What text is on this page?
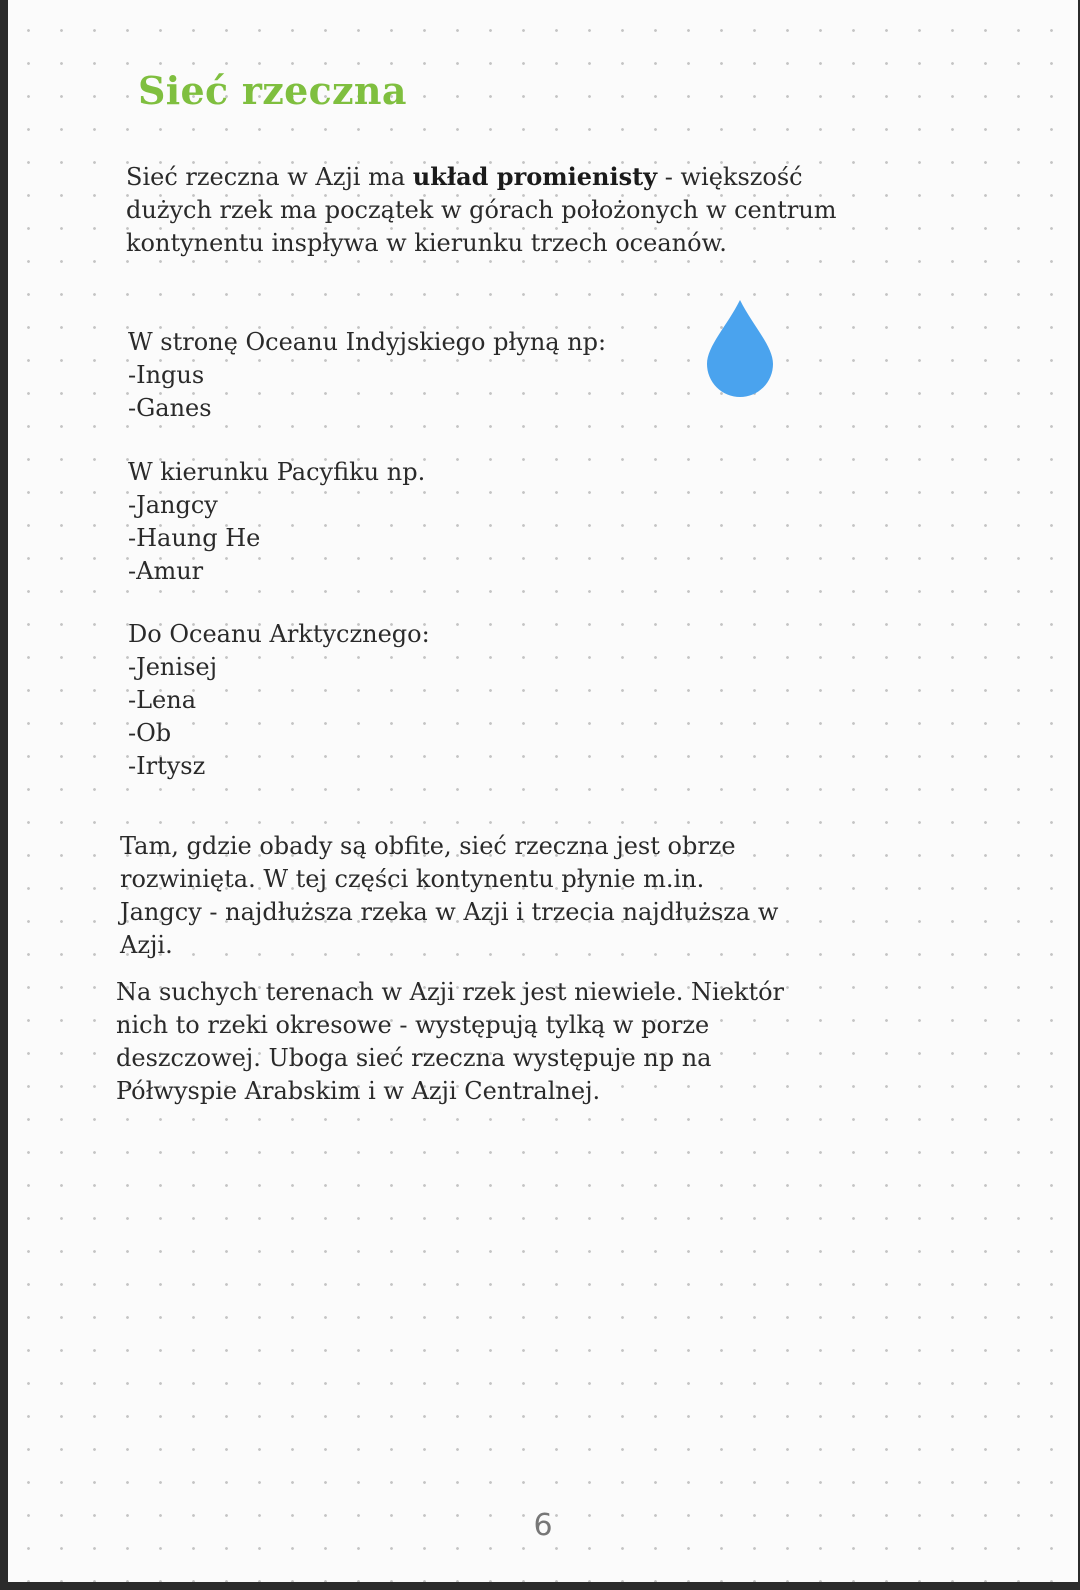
Sieć rzeczna
Sieć rzeczna w Azji ma układ promienisty - większość dużych rzek ma początek w górach położonych w centrum kontynentu inspływa w kierunku trzech oceanów.
W stronę Oceanu Indyjskiego płyną np:
-Ingus
-Ganes
W kierunku Pacyfiku np.
-Jangcy
-Haung He
-Amur
Do Oceanu Arktycznego:
-Jenisej
-Lena
-Ob
-Irtysz
Tam, gdzie obady są obfite, sieć rzeczna jest obrze rozwinięta. W tej części kontynentu płynie m.in. Jangcy - najdłuższa rzeka w Azji i trzecia najdłuższa w Azji.
Na suchych terenach w Azji rzek jest niewiele. Niektór nich to rzeki okresowe - występują tylką w porze deszczowej. Uboga sieć rzeczna występuje np na Półwyspie Arabskim i w Azji Centralnej.
6
